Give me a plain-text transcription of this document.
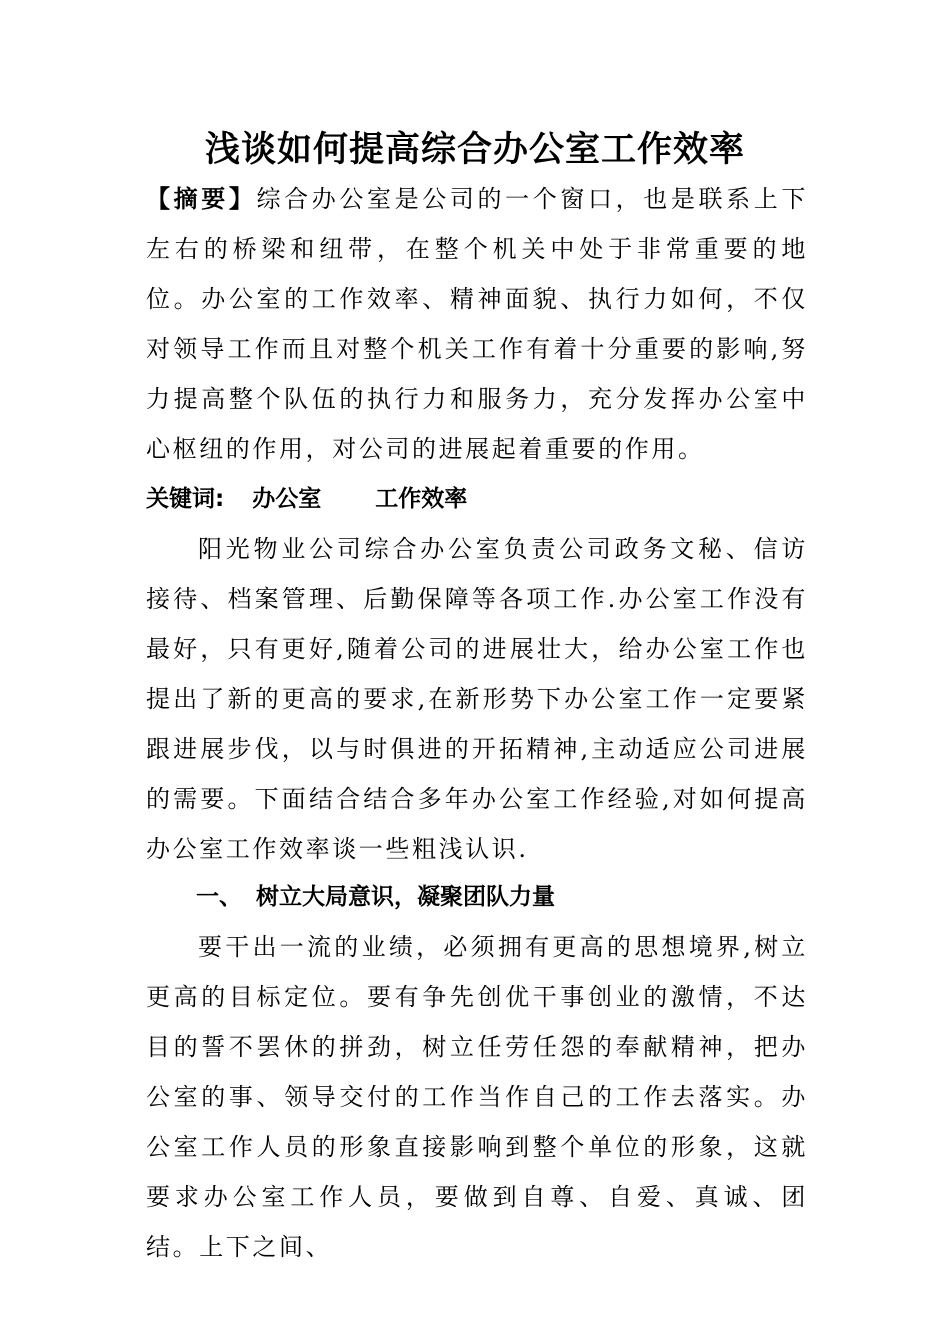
浅谈如何提高综合办公室工作效率

【摘要】综合办公室是公司的一个窗口，也是联系上下左右的桥梁和纽带，在整个机关中处于非常重要的地位。办公室的工作效率、精神面貌、执行力如何，不仅对领导工作而且对整个机关工作有着十分重要的影响,努力提高整个队伍的执行力和服务力，充分发挥办公室中心枢纽的作用，对公司的进展起着重要的作用。

关键词: 办公室 工作效率

阳光物业公司综合办公室负责公司政务文秘、信访接待、档案管理、后勤保障等各项工作.办公室工作没有最好，只有更好,随着公司的进展壮大，给办公室工作也提出了新的更高的要求,在新形势下办公室工作一定要紧跟进展步伐，以与时俱进的开拓精神,主动适应公司进展的需要。下面结合结合多年办公室工作经验,对如何提高办公室工作效率谈一些粗浅认识.

一、 树立大局意识，凝聚团队力量

要干出一流的业绩，必须拥有更高的思想境界,树立更高的目标定位。要有争先创优干事创业的激情，不达目的誓不罢休的拼劲，树立任劳任怨的奉献精神，把办公室的事、领导交付的工作当作自己的工作去落实。办公室工作人员的形象直接影响到整个单位的形象，这就要求办公室工作人员，要做到自尊、自爱、真诚、团结。上下之间、
